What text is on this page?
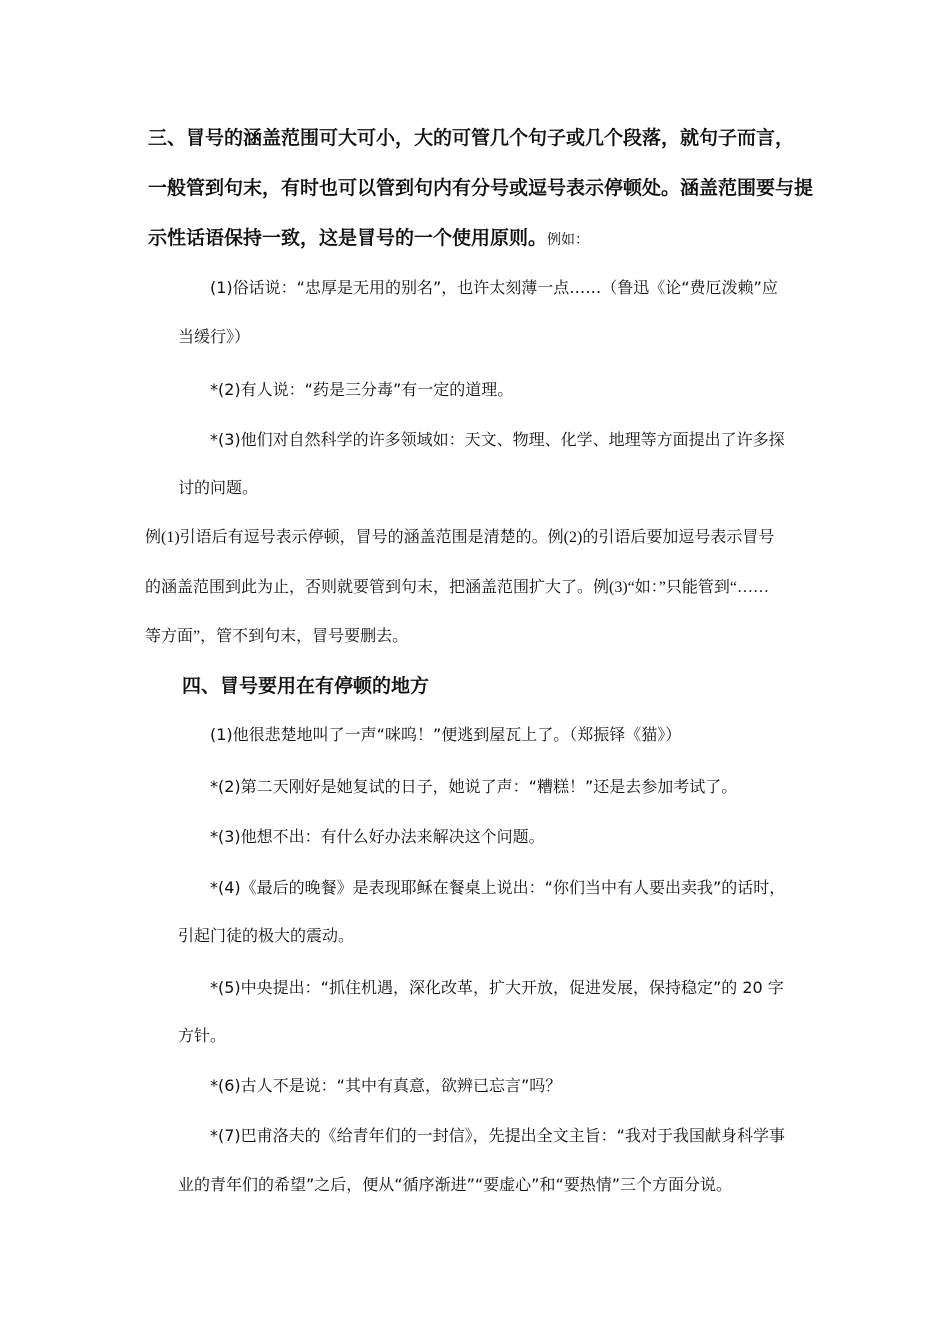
三、冒号的涵盖范围可大可小，大的可管几个句子或几个段落，就句子而言，
一般管到句末，有时也可以管到句内有分号或逗号表示停顿处。涵盖范围要与提
示性话语保持一致，这是冒号的一个使用原则。例如：
(1)俗话说：“忠厚是无用的别名”，也许太刻薄一点……（鲁迅《论“费厄泼赖”应
当缓行》）
*(2)有人说：“药是三分毒”有一定的道理。
*(3)他们对自然科学的许多领域如：天文、物理、化学、地理等方面提出了许多探
讨的问题。
例(1)引语后有逗号表示停顿，冒号的涵盖范围是清楚的。例(2)的引语后要加逗号表示冒号
的涵盖范围到此为止，否则就要管到句末，把涵盖范围扩大了。例(3)“如：”只能管到“……
等方面”，管不到句末，冒号要删去。
四、冒号要用在有停顿的地方
(1)他很悲楚地叫了一声“咪呜！”便逃到屋瓦上了。（郑振铎《猫》）
*(2)第二天刚好是她复试的日子，她说了声：“糟糕！”还是去参加考试了。
*(3)他想不出：有什么好办法来解决这个问题。
*(4)《最后的晚餐》是表现耶稣在餐桌上说出：“你们当中有人要出卖我”的话时，
引起门徒的极大的震动。
*(5)中央提出：“抓住机遇，深化改革，扩大开放，促进发展，保持稳定”的 20 字
方针。
*(6)古人不是说：“其中有真意，欲辨已忘言”吗？
*(7)巴甫洛夫的《给青年们的一封信》，先提出全文主旨：“我对于我国献身科学事
业的青年们的希望”之后，便从“循序渐进”“要虚心”和“要热情”三个方面分说。
